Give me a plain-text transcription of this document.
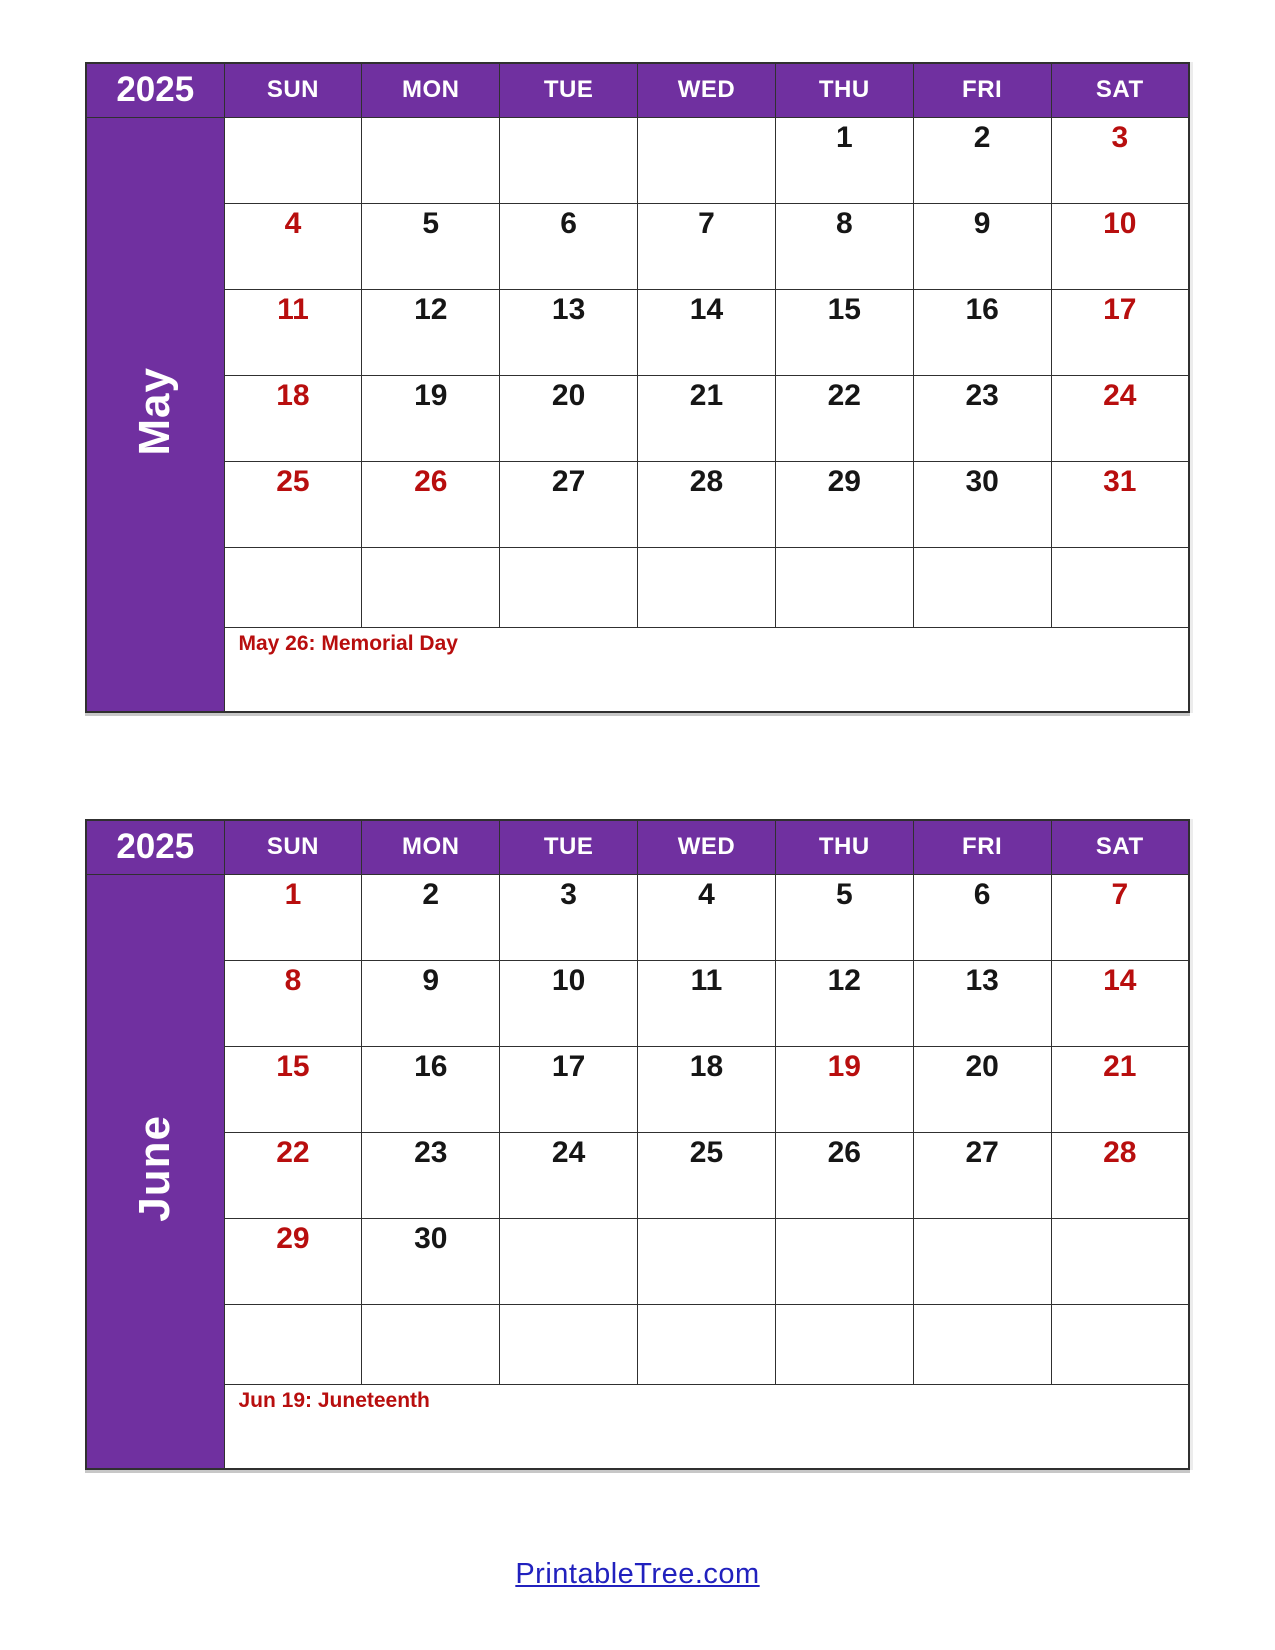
2025	SUN	MON	TUE	WED	THU	FRI	SAT
May					1	2	3
	4	5	6	7	8	9	10
	11	12	13	14	15	16	17
	18	19	20	21	22	23	24
	25	26	27	28	29	30	31

	May 26: Memorial Day						
2025	SUN	MON	TUE	WED	THU	FRI	SAT
June	1	2	3	4	5	6	7
	8	9	10	11	12	13	14
	15	16	17	18	19	20	21
	22	23	24	25	26	27	28
	29	30					

	Jun 19: Juneteenth						
PrintableTree.com
